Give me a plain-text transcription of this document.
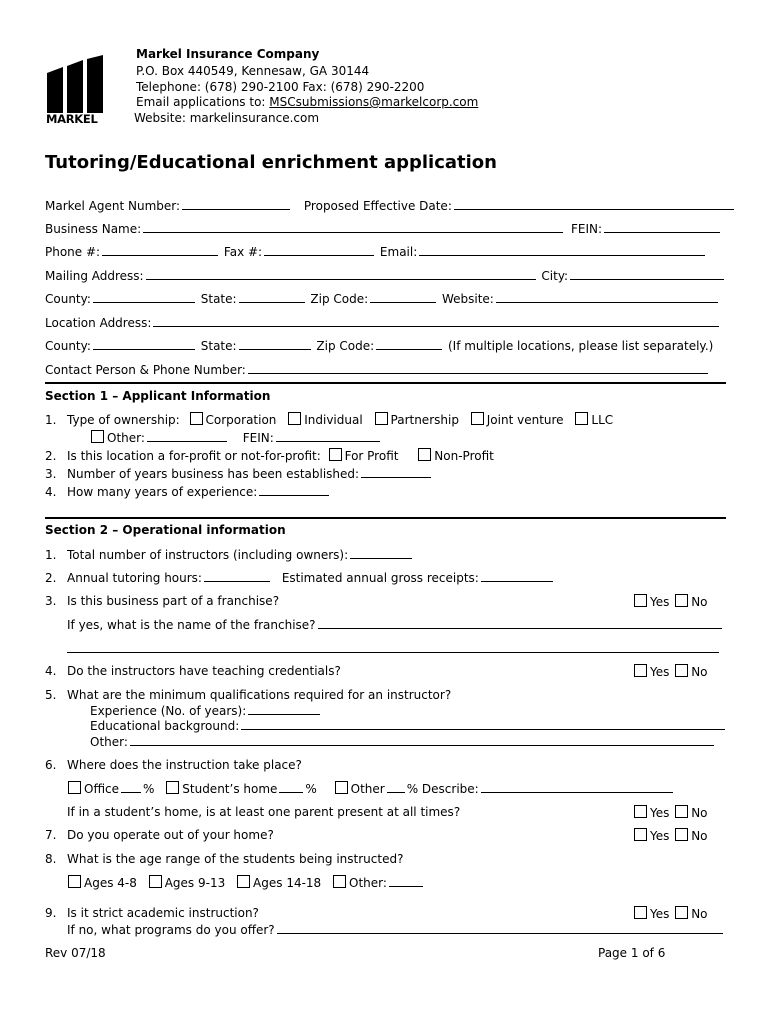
MARKEL
Markel Insurance Company
P.O. Box 440549, Kennesaw, GA 30144
Telephone: (678) 290-2100 Fax: (678) 290-2200
Email applications to: MSCsubmissions@markelcorp.com
Website: markelinsurance.com
Tutoring/Educational enrichment application
Markel Agent Number:	Proposed Effective Date:
Business Name:	FEIN:
Phone #:	Fax #:	Email:
Mailing Address:	City:
County:	State:	Zip Code:	Website:
Location Address:
County:	State:	Zip Code:	(If multiple locations, please list separately.)
Contact Person & Phone Number:
Section 1 – Applicant Information
1. Type of ownership: Corporation Individual Partnership Joint venture LLC
Other:	FEIN:
2. Is this location a for-profit or not-for-profit: For Profit	Non-Profit
3. Number of years business has been established:
4. How many years of experience:
Section 2 – Operational information
1. Total number of instructors (including owners):
2. Annual tutoring hours:	Estimated annual gross receipts:
3. Is this business part of a franchise?	Yes No
If yes, what is the name of the franchise?
4. Do the instructors have teaching credentials?	Yes No
5. What are the minimum qualifications required for an instructor?
Experience (No. of years):
Educational background:
Other:
6. Where does the instruction take place?
Office % Student’s home %	Other % Describe:
If in a student’s home, is at least one parent present at all times?	Yes No
7. Do you operate out of your home?	Yes No
8. What is the age range of the students being instructed?
Ages 4-8 Ages 9-13 Ages 14-18 Other:
9. Is it strict academic instruction?	Yes No
If no, what programs do you offer?
Rev 07/18	Page 1 of 6
